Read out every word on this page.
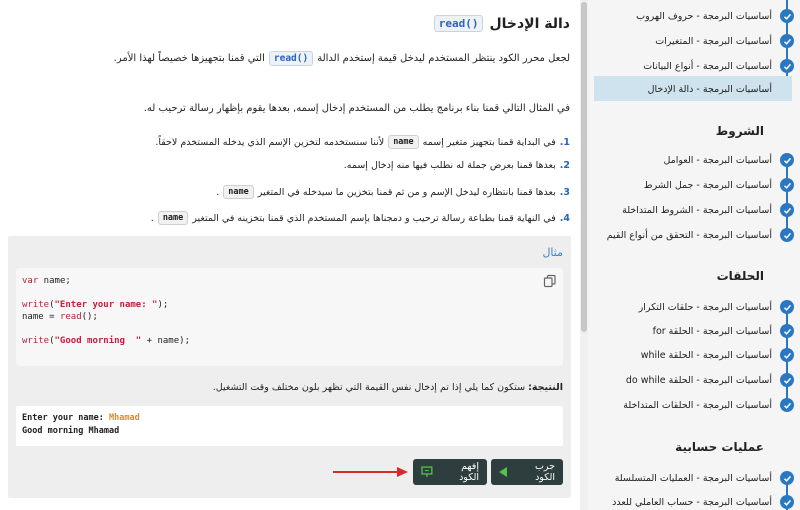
دالة الإدخال
read()
لجعل محرر الكود ينتظر المستخدم ليدخل قيمة إستخدم الدالة
read()
التي قمنا بتجهيزها خصيصاً لهذا الأمر.
في المثال التالي قمنا بناء برنامج يطلب من المستخدم إدخال إسمه, بعدها يقوم بإظهار رسالة ترحيب له.
1.
في البداية قمنا بتجهيز متغير إسمه
name
لأننا سنستخدمه لتخزين الإسم الذي يدخله المستخدم لاحقاً.
2.
بعدها قمنا بعرض جملة له نطلب فيها منه إدخال إسمه.
3.
بعدها قمنا بانتظاره ليدخل الإسم و من ثم قمنا بتخزين ما سيدخله في المتغير
name
.
4.
في النهاية قمنا بطباعة رسالة ترحيب و دمجناها بإسم المستخدم الذي قمنا بتخزينه في المتغير
name
.
مثال
var name;
write("Enter your name: ");
name = read();
write("Good morning  " + name);
النتيجة: ستكون كما يلي إذا تم إدخال نفس القيمة التي تظهر بلون مختلف وقت التشغيل.
Enter your name: Mhamad
Good morning Mhamad
جرب الكود
إفهم الكود
أساسيات البرمجة - حروف الهروب
أساسيات البرمجة - المتغيرات
أساسيات البرمجة - أنواع البيانات
أساسيات البرمجة - دالة الإدخال
الشروط
أساسيات البرمجة - العوامل
أساسيات البرمجة - جمل الشرط
أساسيات البرمجة - الشروط المتداخلة
أساسيات البرمجة - التحقق من أنواع القيم
الحلقات
أساسيات البرمجة - حلقات التكرار
أساسيات البرمجة - الحلقة for
أساسيات البرمجة - الحلقة while
أساسيات البرمجة - الحلقة do while
أساسيات البرمجة - الحلقات المتداخلة
عمليات حسابية
أساسيات البرمجة - العمليات المتسلسلة
أساسيات البرمجة - حساب العاملي للعدد
